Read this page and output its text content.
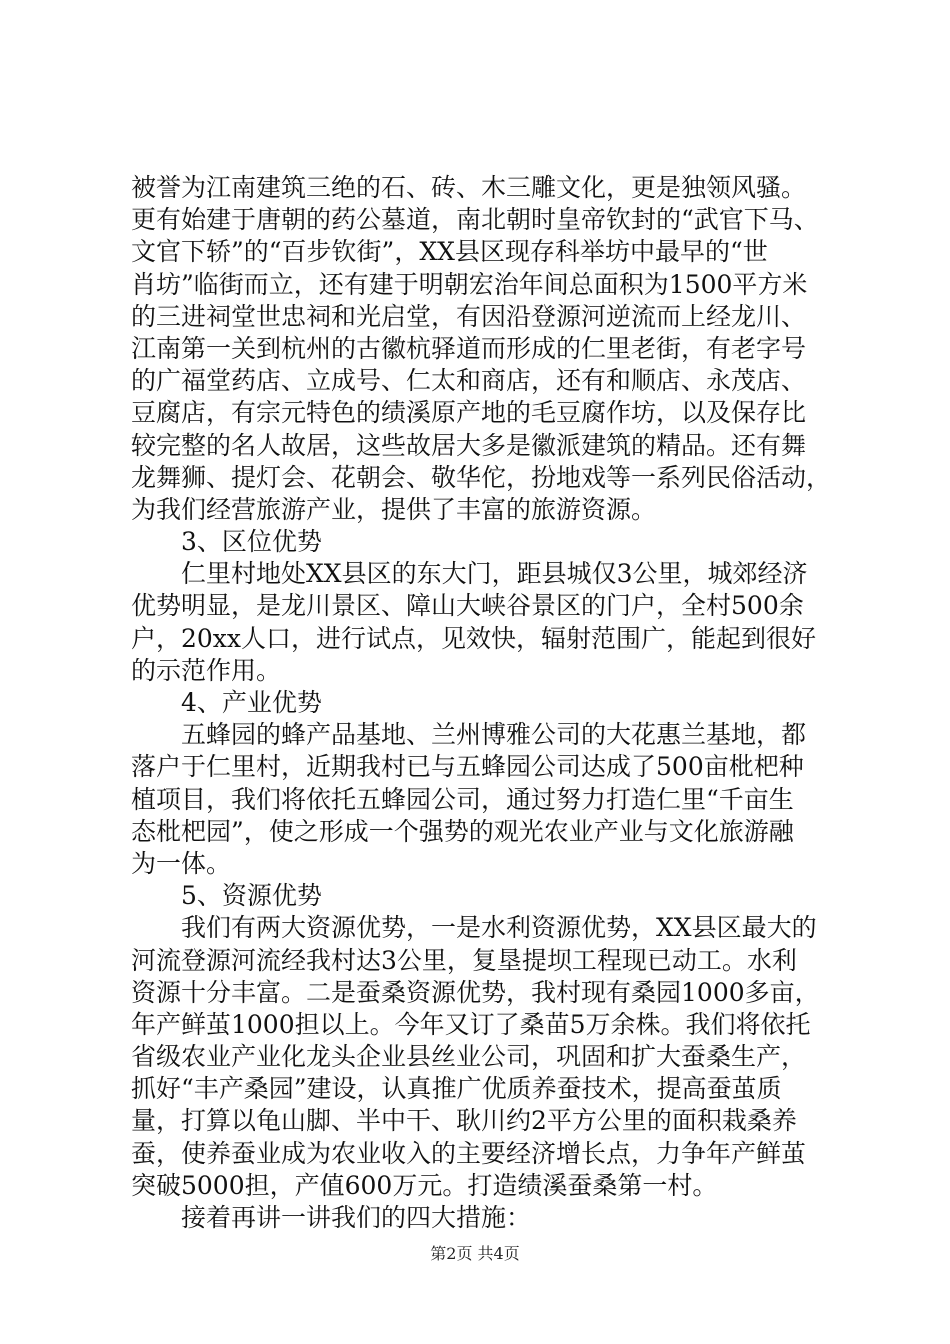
被誉为江南建筑三绝的石、砖、木三雕文化，更是独领风骚。
更有始建于唐朝的药公墓道，南北朝时皇帝钦封的“武官下马、
文官下轿”的“百步钦街”，XX县区现存科举坊中最早的“世
肖坊”临街而立，还有建于明朝宏治年间总面积为1500平方米
的三进祠堂世忠祠和光启堂，有因沿登源河逆流而上经龙川、
江南第一关到杭州的古徽杭驿道而形成的仁里老街，有老字号
的广福堂药店、立成号、仁太和商店，还有和顺店、永茂店、
豆腐店，有宗元特色的绩溪原产地的毛豆腐作坊，以及保存比
较完整的名人故居，这些故居大多是徽派建筑的精品。还有舞
龙舞狮、提灯会、花朝会、敬华佗，扮地戏等一系列民俗活动，
为我们经营旅游产业，提供了丰富的旅游资源。
3、区位优势
仁里村地处XX县区的东大门，距县城仅3公里，城郊经济
优势明显，是龙川景区、障山大峡谷景区的门户，全村500余
户，20xx人口，进行试点，见效快，辐射范围广，能起到很好
的示范作用。
4、产业优势
五蜂园的蜂产品基地、兰州博雅公司的大花惠兰基地，都
落户于仁里村，近期我村已与五蜂园公司达成了500亩枇杷种
植项目，我们将依托五蜂园公司，通过努力打造仁里“千亩生
态枇杷园”，使之形成一个强势的观光农业产业与文化旅游融
为一体。
5、资源优势
我们有两大资源优势，一是水利资源优势，XX县区最大的
河流登源河流经我村达3公里，复垦提坝工程现已动工。水利
资源十分丰富。二是蚕桑资源优势，我村现有桑园1000多亩，
年产鲜茧1000担以上。今年又订了桑苗5万余株。我们将依托
省级农业产业化龙头企业县丝业公司，巩固和扩大蚕桑生产，
抓好“丰产桑园”建设，认真推广优质养蚕技术，提高蚕茧质
量，打算以龟山脚、半中干、耿川约2平方公里的面积栽桑养
蚕，使养蚕业成为农业收入的主要经济增长点，力争年产鲜茧
突破5000担，产值600万元。打造绩溪蚕桑第一村。
接着再讲一讲我们的四大措施：
第2页 共4页
